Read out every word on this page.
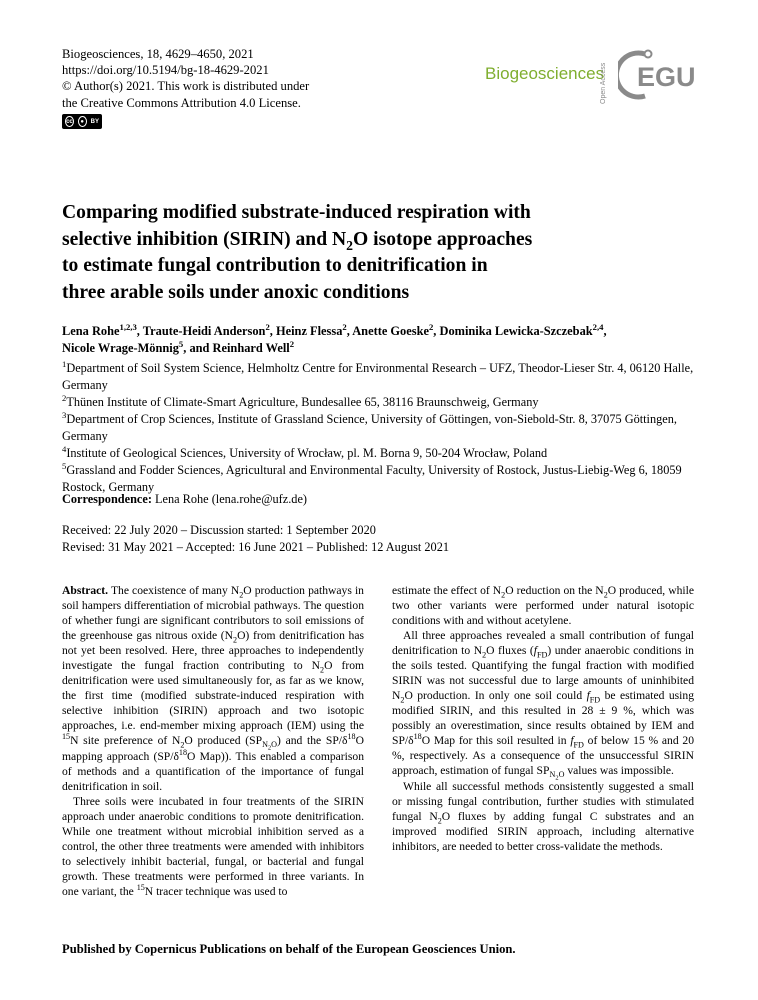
Biogeosciences, 18, 4629–4650, 2021
https://doi.org/10.5194/bg-18-4629-2021
© Author(s) 2021. This work is distributed under
the Creative Commons Attribution 4.0 License.
cc	●	BY
Biogeosciences
Open Access EGU
Comparing modified substrate-induced respiration with
selective inhibition (SIRIN) and $N_2O$ isotope approaches
to estimate fungal contribution to denitrification in
three arable soils under anoxic conditions

Lena Rohe$^{1,2,3}$, Traute-Heidi Anderson$^2$, Heinz Flessa$^2$, Anette Goeske$^2$, Dominika Lewicka-Szczebak$^{2,4}$,
Nicole Wrage-Mönnig$^5$, and Reinhard Well$^2$

$^1$Department of Soil System Science, Helmholtz Centre for Environmental Research – UFZ, Theodor-Lieser Str. 4, 06120 Halle, Germany
$^2$Thünen Institute of Climate-Smart Agriculture, Bundesallee 65, 38116 Braunschweig, Germany
$^3$Department of Crop Sciences, Institute of Grassland Science, University of Göttingen, von-Siebold-Str. 8, 37075 Göttingen, Germany
$^4$Institute of Geological Sciences, University of Wrocław, pl. M. Borna 9, 50-204 Wrocław, Poland
$^5$Grassland and Fodder Sciences, Agricultural and Environmental Faculty, University of Rostock, Justus-Liebig-Weg 6, 18059 Rostock, Germany
Correspondence: Lena Rohe (lena.rohe@ufz.de)
Received: 22 July 2020 – Discussion started: 1 September 2020
Revised: 31 May 2021 – Accepted: 16 June 2021 – Published: 12 August 2021

Abstract. The coexistence of many $N_2O$ production pathways in soil hampers differentiation of microbial pathways. The question of whether fungi are significant contributors to soil emissions of the greenhouse gas nitrous oxide $(N_2O)$ from denitrification has not yet been resolved. Here, three approaches to independently investigate the fungal fraction contributing to $N_2O$ from denitrification were used simultaneously for, as far as we know, the first time (modified substrate-induced respiration with selective inhibition (SIRIN) approach and two isotopic approaches, i.e. end-member mixing approach (IEM) using the $^{15}$N site preference of $N_2O$ produced $(SP_{N_2O})$ and the $SP/\delta^{18}O$ mapping approach ($SP/\delta^{18}O$ Map)). This enabled a comparison of methods and a quantification of the importance of fungal denitrification in soil.

Three soils were incubated in four treatments of the SIRIN approach under anaerobic conditions to promote denitrification. While one treatment without microbial inhibition served as a control, the other three treatments were amended with inhibitors to selectively inhibit bacterial, fungal, or bacterial and fungal growth. These treatments were performed in three variants. In one variant, the $^{15}$N tracer technique was used to

estimate the effect of $N_2O$ reduction on the $N_2O$ produced, while two other variants were performed under natural isotopic conditions with and without acetylene.

All three approaches revealed a small contribution of fungal denitrification to $N_2O$ fluxes $(f_{FD})$ under anaerobic conditions in the soils tested. Quantifying the fungal fraction with modified SIRIN was not successful due to large amounts of uninhibited $N_2O$ production. In only one soil could $f_{FD}$ be estimated using modified SIRIN, and this resulted in 28 ± 9 %, which was possibly an overestimation, since results obtained by IEM and $SP/\delta^{18}O$ Map for this soil resulted in $f_{FD}$ of below 15 % and 20 %, respectively. As a consequence of the unsuccessful SIRIN approach, estimation of fungal $SP_{N_2O}$ values was impossible.

While all successful methods consistently suggested a small or missing fungal contribution, further studies with stimulated fungal $N_2O$ fluxes by adding fungal C substrates and an improved modified SIRIN approach, including alternative inhibitors, are needed to better cross-validate the methods.

Published by Copernicus Publications on behalf of the European Geosciences Union.
